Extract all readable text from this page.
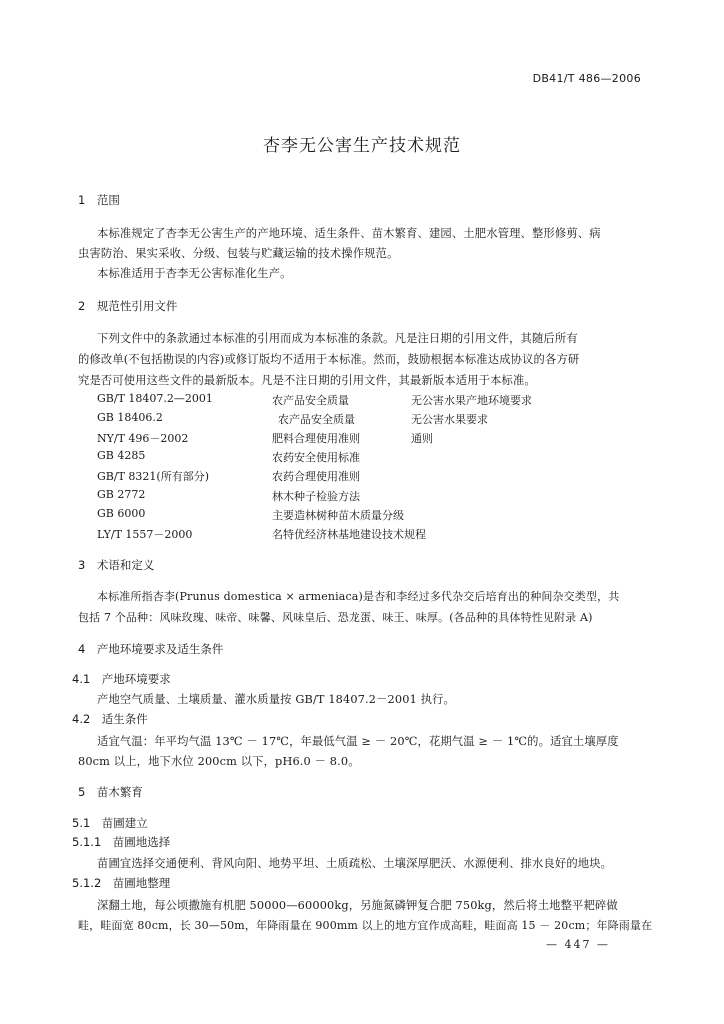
DB41/T 486—2006
杏李无公害生产技术规范
1　范围
本标准规定了杏李无公害生产的产地环境、适生条件、苗木繁育、建园、土肥水管理、整形修剪、病
虫害防治、果实采收、分级、包装与贮藏运输的技术操作规范。
本标准适用于杏李无公害标准化生产。
2　规范性引用文件
下列文件中的条款通过本标准的引用而成为本标准的条款。凡是注日期的引用文件，其随后所有
的修改单(不包括勘误的内容)或修订版均不适用于本标准。然而，鼓励根据本标准达成协议的各方研
究是否可使用这些文件的最新版本。凡是不注日期的引用文件，其最新版本适用于本标准。
GB/T 18407.2—2001	农产品安全质量	无公害水果产地环境要求
GB 18406.2	农产品安全质量	无公害水果要求
NY/T 496－2002	肥料合理使用准则	通则
GB 4285	农药安全使用标准
GB/T 8321(所有部分)	农药合理使用准则
GB 2772	林木种子检验方法
GB 6000	主要造林树种苗木质量分级
LY/T 1557－2000	名特优经济林基地建设技术规程
3　术语和定义
本标准所指杏李(Prunus domestica × armeniaca)是杏和李经过多代杂交后培育出的种间杂交类型，共
包括 7 个品种：风味玫瑰、味帝、味馨、风味皇后、恐龙蛋、味王、味厚。(各品种的具体特性见附录 A)
4　产地环境要求及适生条件
4.1　产地环境要求
产地空气质量、土壤质量、灌水质量按 GB/T 18407.2－2001 执行。
4.2　适生条件
适宜气温：年平均气温 13℃ － 17℃，年最低气温 ≥ － 20℃，花期气温 ≥ － 1℃的。适宜土壤厚度
80cm 以上，地下水位 200cm 以下，pH6.0 － 8.0。
5　苗木繁育
5.1　苗圃建立
5.1.1　苗圃地选择
苗圃宜选择交通便利、背风向阳、地势平坦、土质疏松、土壤深厚肥沃、水源便利、排水良好的地块。
5.1.2　苗圃地整理
深翻土地，每公顷撒施有机肥 50000—60000kg，另施氮磷钾复合肥 750kg，然后将土地整平耙碎做
畦，畦面宽 80cm，长 30—50m，年降雨量在 900mm 以上的地方宜作成高畦，畦面高 15 － 20cm；年降雨量在
— 447 —
